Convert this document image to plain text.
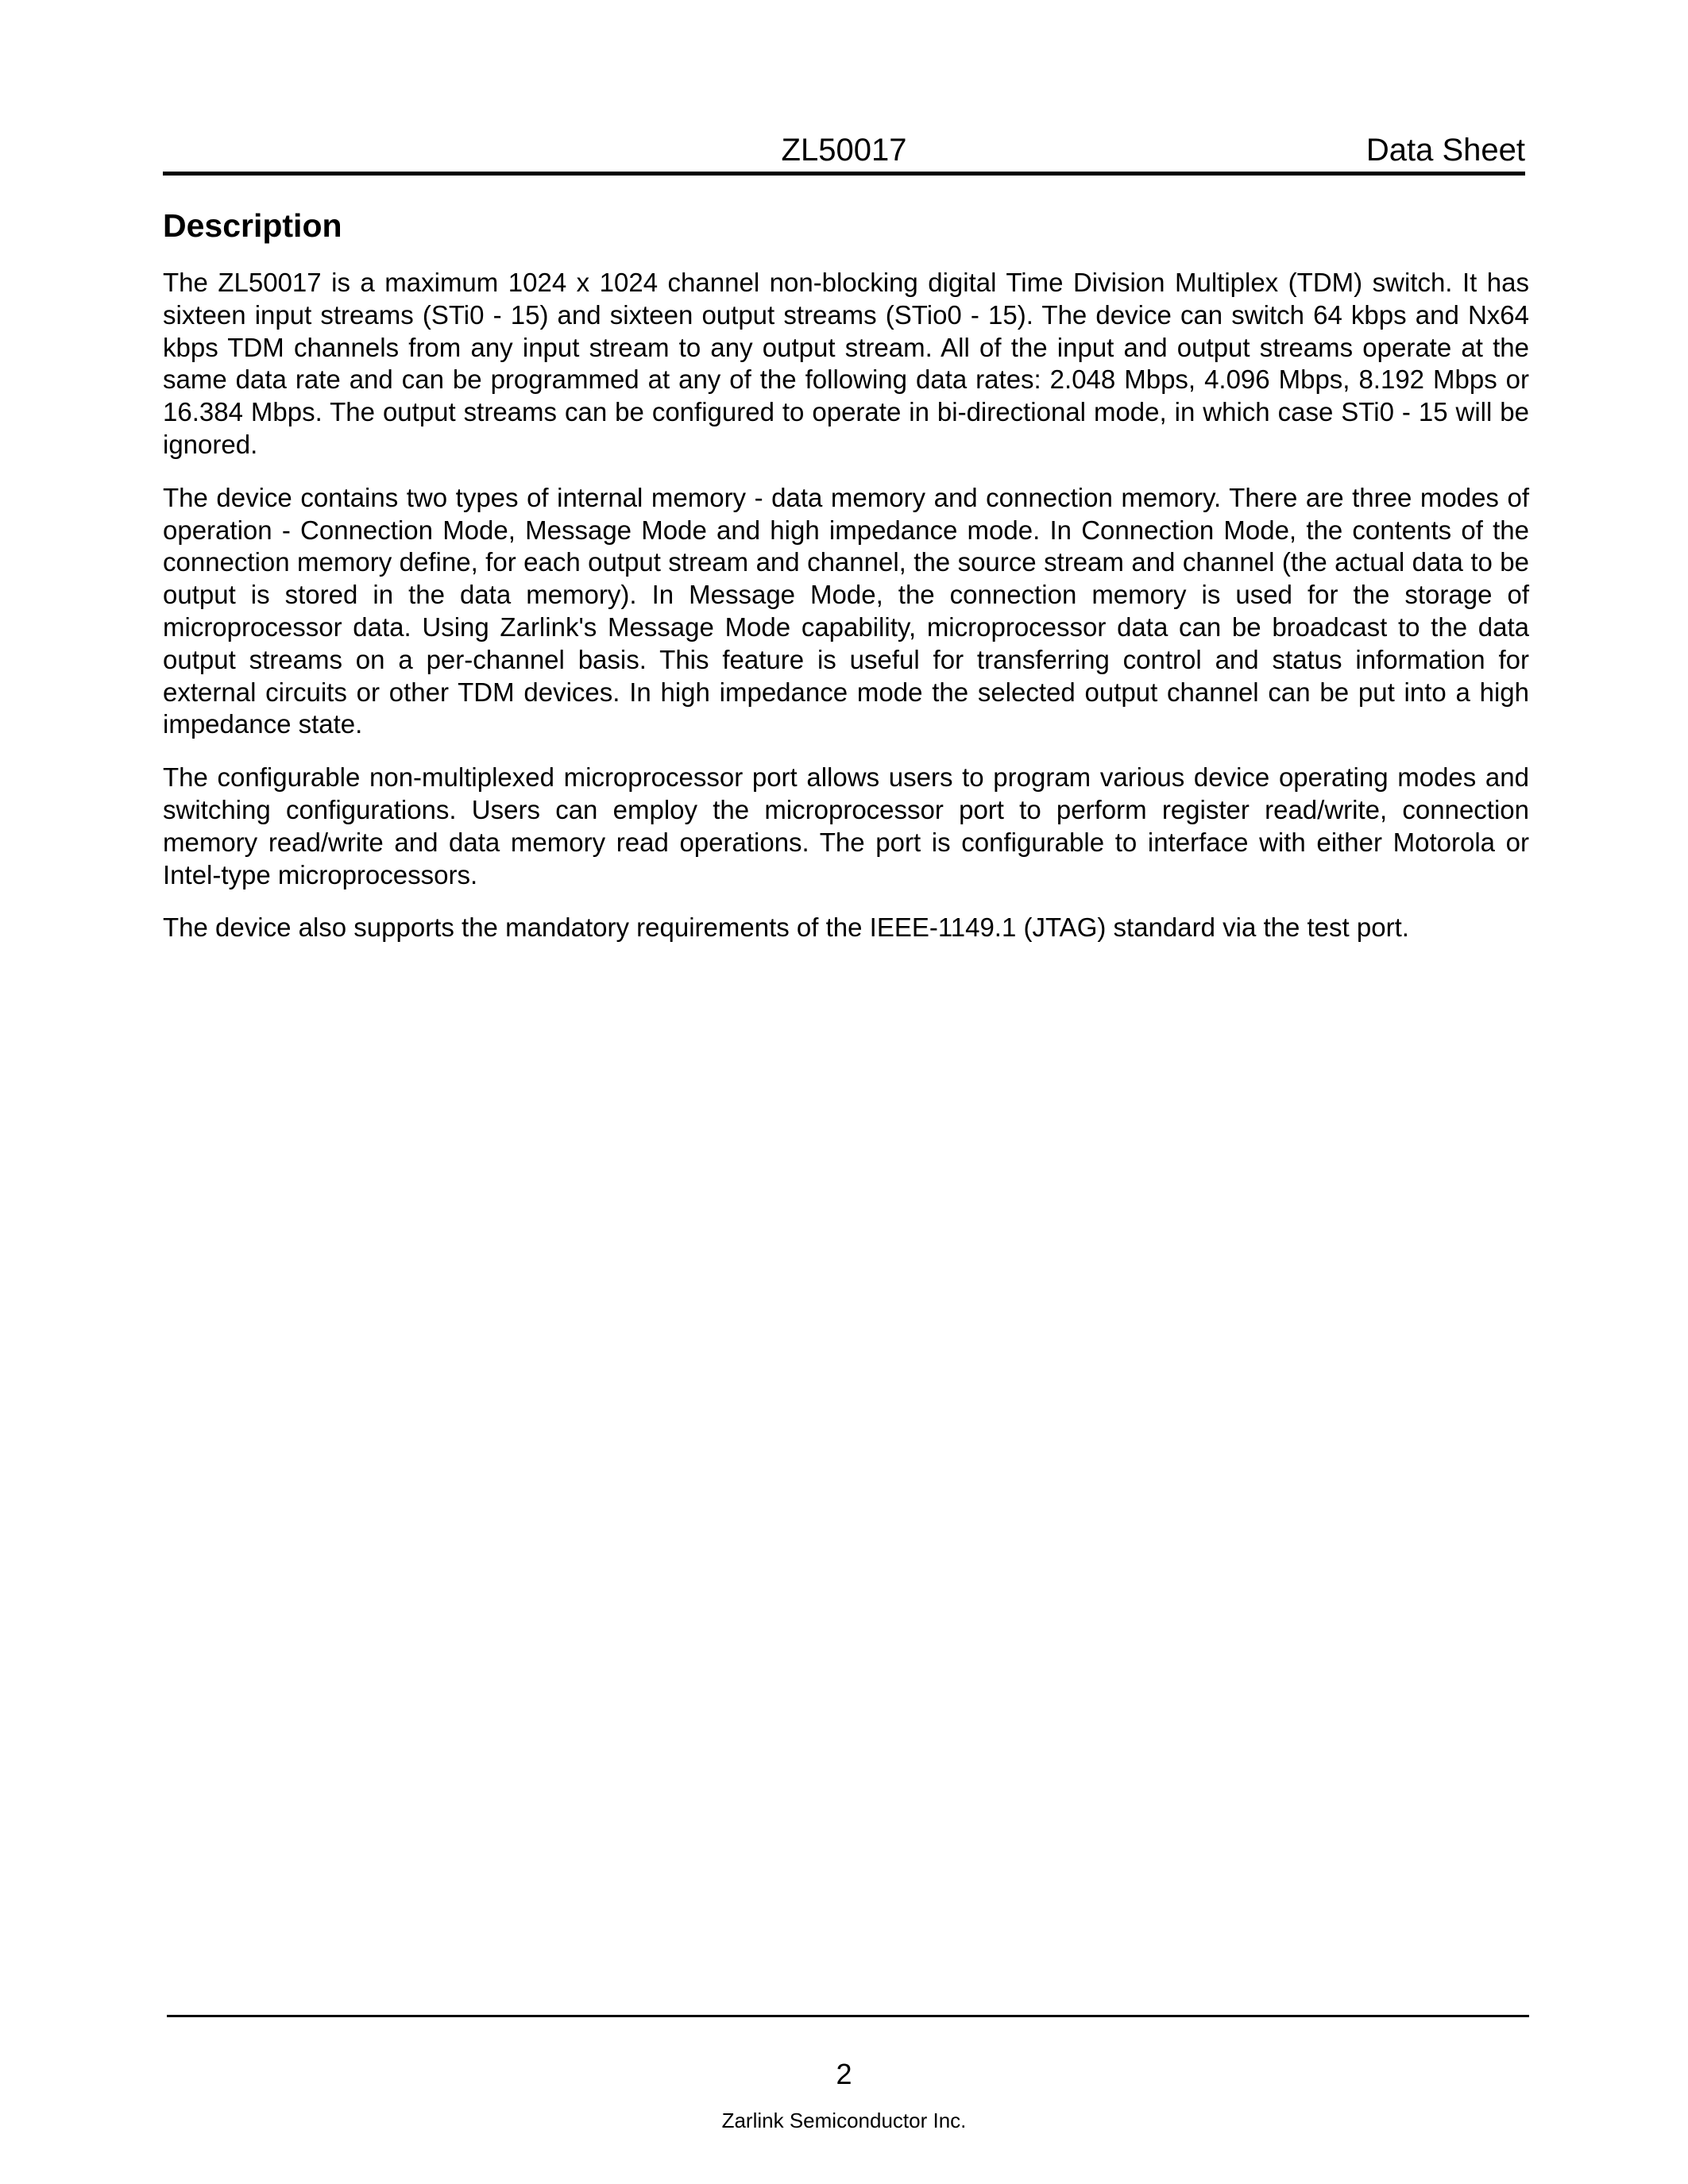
ZL50017	Data Sheet
Description

The ZL50017 is a maximum 1024 x 1024 channel non-blocking digital Time Division Multiplex (TDM) switch. It has sixteen input streams (STi0 - 15) and sixteen output streams (STio0 - 15). The device can switch 64 kbps and Nx64 kbps TDM channels from any input stream to any output stream. All of the input and output streams operate at the same data rate and can be programmed at any of the following data rates: 2.048 Mbps, 4.096 Mbps, 8.192 Mbps or 16.384 Mbps. The output streams can be configured to operate in bi-directional mode, in which case STi0 - 15 will be ignored.

The device contains two types of internal memory - data memory and connection memory. There are three modes of operation - Connection Mode, Message Mode and high impedance mode. In Connection Mode, the contents of the connection memory define, for each output stream and channel, the source stream and channel (the actual data to be output is stored in the data memory). In Message Mode, the connection memory is used for the storage of microprocessor data. Using Zarlink's Message Mode capability, microprocessor data can be broadcast to the data output streams on a per-channel basis. This feature is useful for transferring control and status information for external circuits or other TDM devices. In high impedance mode the selected output channel can be put into a high impedance state.

The configurable non-multiplexed microprocessor port allows users to program various device operating modes and switching configurations. Users can employ the microprocessor port to perform register read/write, connection memory read/write and data memory read operations. The port is configurable to interface with either Motorola or Intel-type microprocessors.

The device also supports the mandatory requirements of the IEEE-1149.1 (JTAG) standard via the test port.

2
Zarlink Semiconductor Inc.
